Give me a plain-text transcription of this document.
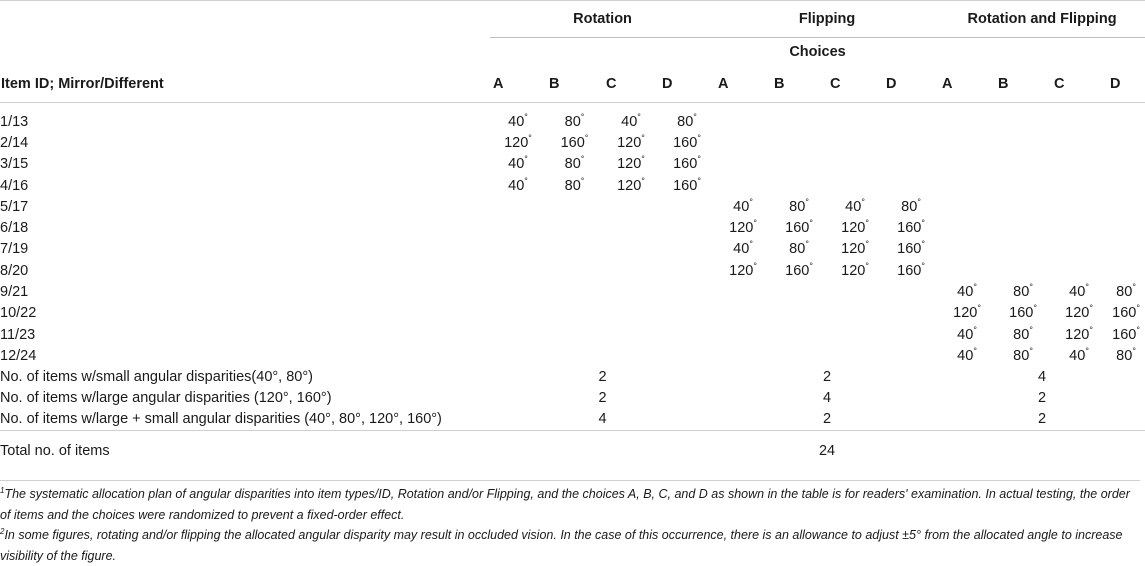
	Rotation				Flipping				Rotation and Flipping			
	Choices											
Item ID; Mirror/Different	A	B	C	D	A	B	C	D	A	B	C	D

1/13	40°	80°	40°	80°								
2/14	120°	160°	120°	160°								
3/15	40°	80°	120°	160°								
4/16	40°	80°	120°	160°								
5/17					40°	80°	40°	80°				
6/18					120°	160°	120°	160°				
7/19					40°	80°	120°	160°				
8/20					120°	160°	120°	160°				
9/21									40°	80°	40°	80°
10/22									120°	160°	120°	160°
11/23									40°	80°	120°	160°
12/24									40°	80°	40°	80°
No. of items w/small angular disparities(40°, 80°)	2				2				4			
No. of items w/large angular disparities (120°, 160°)	2				4				2			
No. of items w/large + small angular disparities (40°, 80°, 120°, 160°)	4				2				2			
Total no. of items					24							

$^1$The systematic allocation plan of angular disparities into item types/ID, Rotation and/or Flipping, and the choices A, B, C, and D as shown in the table is for readers' examination. In actual testing, the order of items and the choices were randomized to prevent a fixed-order effect.

$^2$In some figures, rotating and/or flipping the allocated angular disparity may result in occluded vision. In the case of this occurrence, there is an allowance to adjust ±5° from the allocated angle to increase visibility of the figure.
